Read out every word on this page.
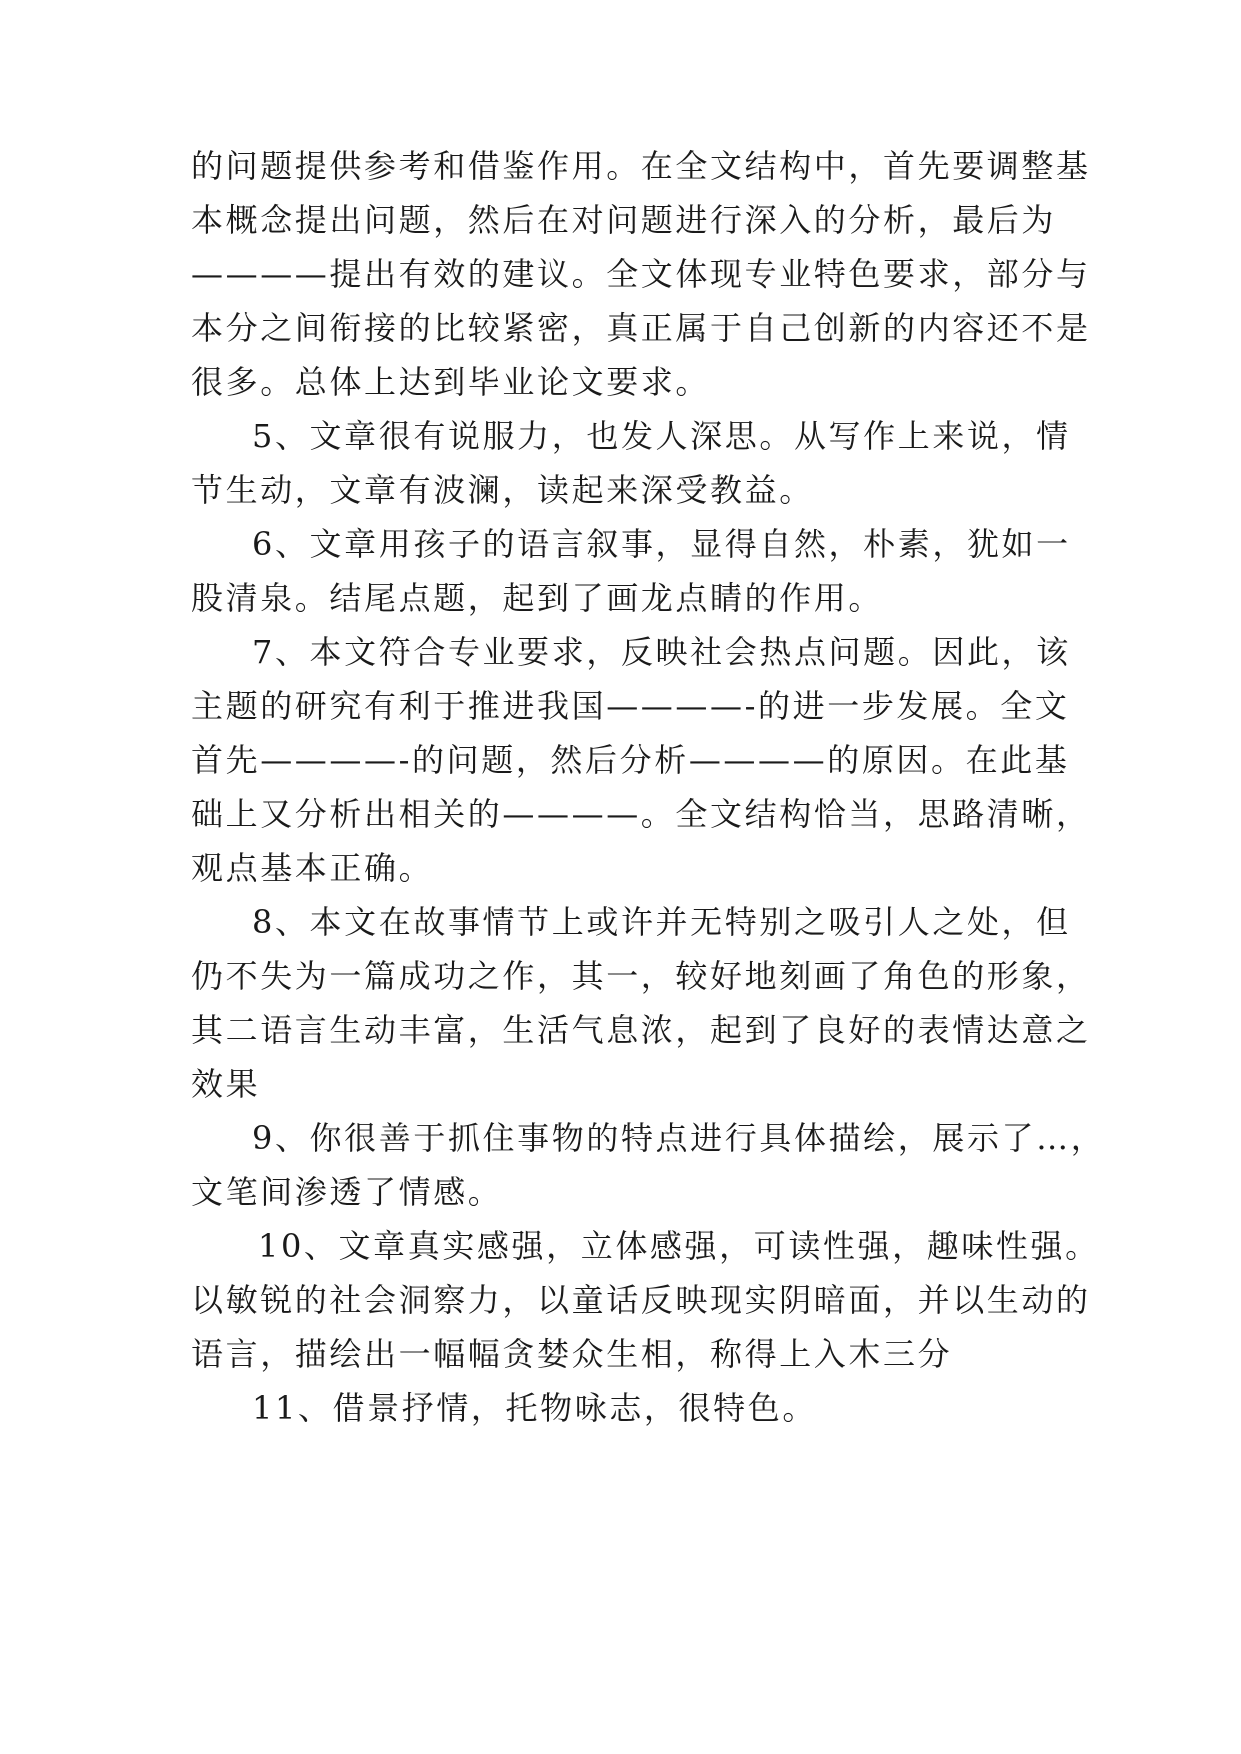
的问题提供参考和借鉴作用。在全文结构中，首先要调整基
本概念提出问题，然后在对问题进行深入的分析，最后为
————提出有效的建议。全文体现专业特色要求，部分与
本分之间衔接的比较紧密，真正属于自己创新的内容还不是
很多。总体上达到毕业论文要求。
5、文章很有说服力，也发人深思。从写作上来说，情
节生动，文章有波澜，读起来深受教益。
6、文章用孩子的语言叙事，显得自然，朴素，犹如一
股清泉。结尾点题，起到了画龙点睛的作用。
7、本文符合专业要求，反映社会热点问题。因此，该
主题的研究有利于推进我国————-的进一步发展。全文
首先————-的问题，然后分析————的原因。在此基
础上又分析出相关的————。全文结构恰当，思路清晰，
观点基本正确。
8、本文在故事情节上或许并无特别之吸引人之处，但
仍不失为一篇成功之作，其一，较好地刻画了角色的形象，
其二语言生动丰富，生活气息浓，起到了良好的表情达意之
效果
9、你很善于抓住事物的特点进行具体描绘，展示了…，
文笔间渗透了情感。
10、文章真实感强，立体感强，可读性强，趣味性强。
以敏锐的社会洞察力，以童话反映现实阴暗面，并以生动的
语言，描绘出一幅幅贪婪众生相，称得上入木三分
11、借景抒情，托物咏志，很特色。
